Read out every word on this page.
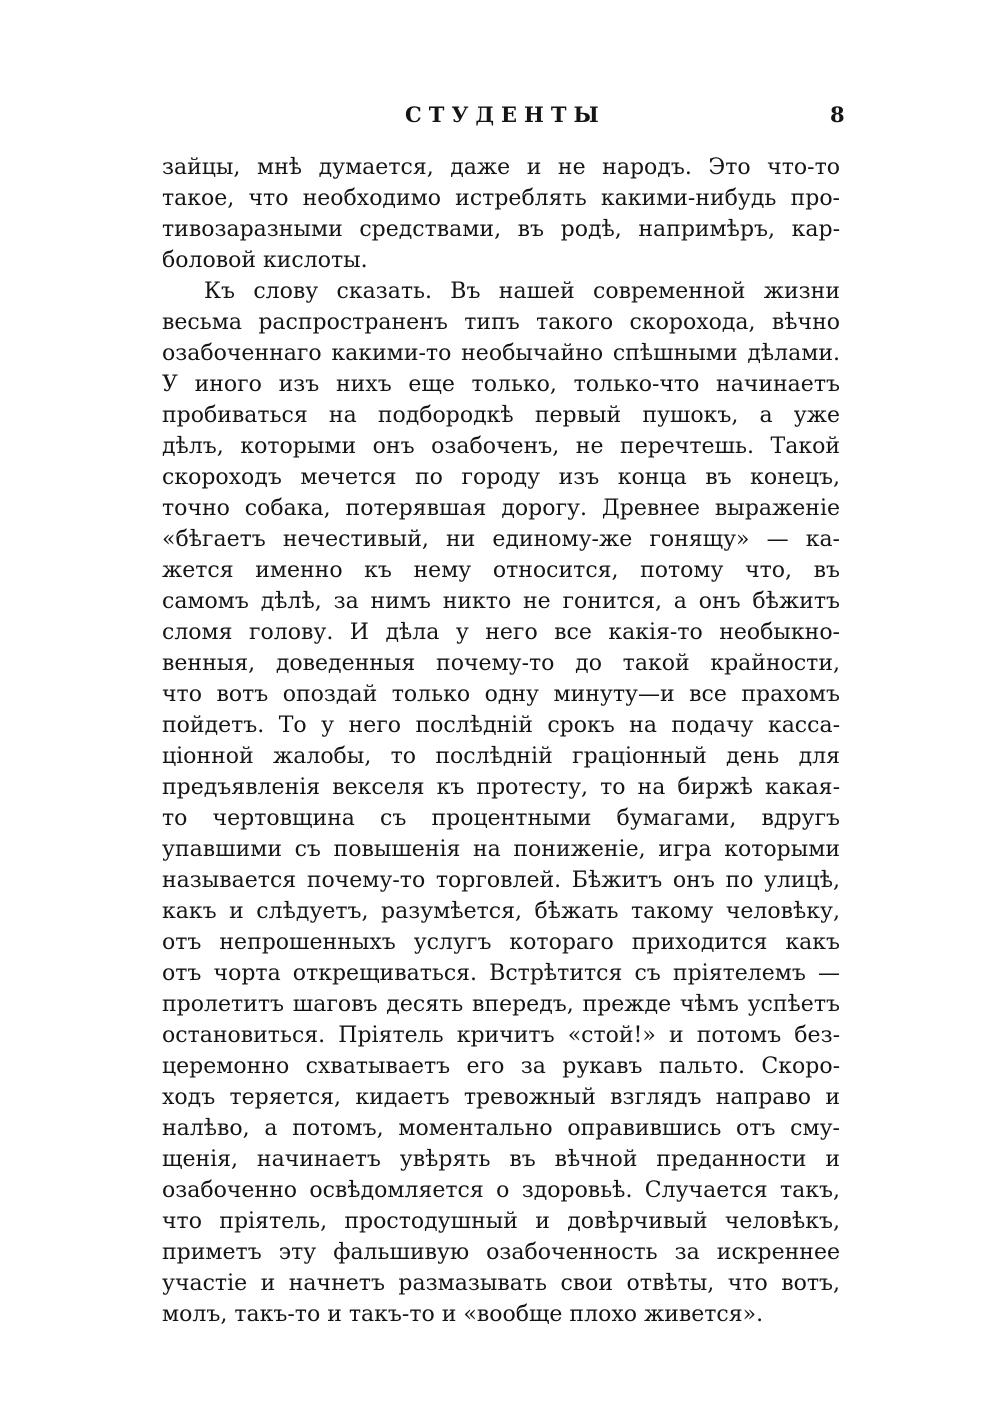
СТУДЕНТЫ	8
зайцы, мнѣ думается, даже и не народъ. Это что-то
такое, что необходимо истреблять какими-нибудь про-
тивозаразными средствами, въ родѣ, напримѣръ, кар-
боловой кислоты.
Къ слову сказать. Въ нашей современной жизни
весьма распространенъ типъ такого скорохода, вѣчно
озабоченнаго какими-то необычайно спѣшными дѣлами.
У иного изъ нихъ еще только, только-что начинаетъ
пробиваться на подбородкѣ первый пушокъ, а уже
дѣлъ, которыми онъ озабоченъ, не перечтешь. Такой
скороходъ мечется по городу изъ конца въ конецъ,
точно собака, потерявшая дорогу. Древнее выраженіе
«бѣгаетъ нечестивый, ни единому-же гонящу» — ка-
жется именно къ нему относится, потому что, въ
самомъ дѣлѣ, за нимъ никто не гонится, а онъ бѣжитъ
сломя голову. И дѣла у него все какія-то необыкно-
венныя, доведенныя почему-то до такой крайности,
что вотъ опоздай только одну минуту—и все прахомъ
пойдетъ. То у него послѣдній срокъ на подачу касса-
ціонной жалобы, то послѣдній граціонный день для
предъявленія векселя къ протесту, то на биржѣ какая-
то чертовщина съ процентными бумагами, вдругъ
упавшими съ повышенія на пониженіе, игра которыми
называется почему-то торговлей. Бѣжитъ онъ по улицѣ,
какъ и слѣдуетъ, разумѣется, бѣжать такому человѣку,
отъ непрошенныхъ услугъ котораго приходится какъ
отъ чорта открещиваться. Встрѣтится съ пріятелемъ —
пролетитъ шаговъ десять впередъ, прежде чѣмъ успѣетъ
остановиться. Пріятель кричитъ «стой!» и потомъ без-
церемонно схватываетъ его за рукавъ пальто. Скоро-
ходъ теряется, кидаетъ тревожный взглядъ направо и
налѣво, а потомъ, моментально оправившись отъ сму-
щенія, начинаетъ увѣрять въ вѣчной преданности и
озабоченно освѣдомляется о здоровьѣ. Случается такъ,
что пріятель, простодушный и довѣрчивый человѣкъ,
приметъ эту фальшивую озабоченность за искреннее
участіе и начнетъ размазывать свои отвѣты, что вотъ,
молъ, такъ-то и такъ-то и «вообще плохо живется».
